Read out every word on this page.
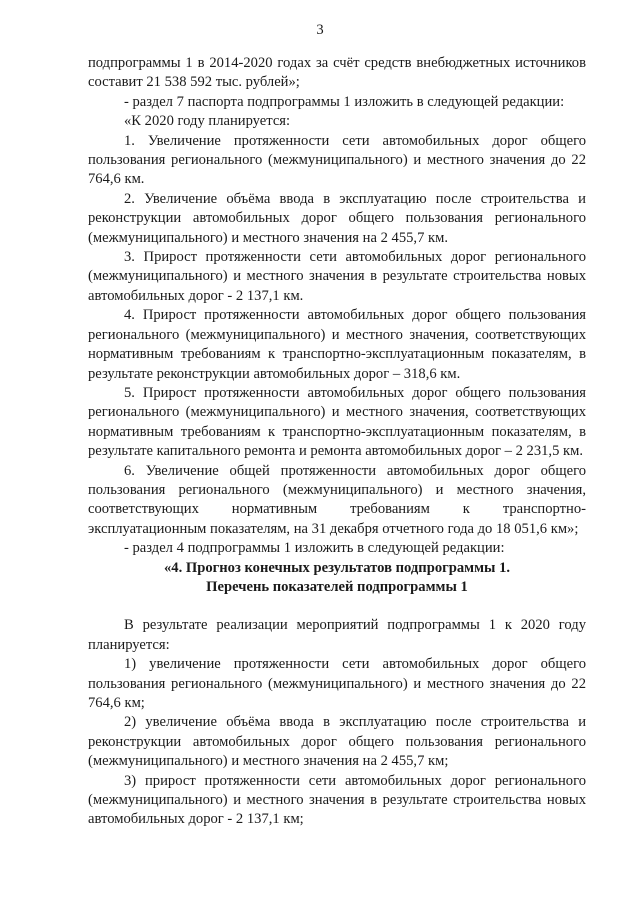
3

подпрограммы 1 в 2014-2020 годах за счёт средств внебюджетных источников составит 21 538 592 тыс. рублей»;

- раздел 7 паспорта подпрограммы 1 изложить в следующей редакции:

«К 2020 году планируется:

1. Увеличение протяженности сети автомобильных дорог общего пользования регионального (межмуниципального) и местного значения до 22 764,6 км.

2. Увеличение объёма ввода в эксплуатацию после строительства и реконструкции автомобильных дорог общего пользования регионального (межмуниципального) и местного значения на 2 455,7 км.

3. Прирост протяженности сети автомобильных дорог регионального (межмуниципального) и местного значения в результате строительства новых автомобильных дорог - 2 137,1 км.

4. Прирост протяженности автомобильных дорог общего пользования регионального (межмуниципального) и местного значения, соответствующих нормативным требованиям к транспортно-эксплуатационным показателям, в результате реконструкции автомобильных дорог – 318,6 км.

5. Прирост протяженности автомобильных дорог общего пользования регионального (межмуниципального) и местного значения, соответствующих нормативным требованиям к транспортно-эксплуатационным показателям, в результате капитального ремонта и ремонта автомобильных дорог – 2 231,5 км.

6. Увеличение общей протяженности автомобильных дорог общего пользования регионального (межмуниципального) и местного значения, соответствующих нормативным требованиям к транспортно-эксплуатационным показателям, на 31 декабря отчетного года до 18 051,6 км»;

- раздел 4 подпрограммы 1 изложить в следующей редакции:

«4. Прогноз конечных результатов подпрограммы 1.

Перечень показателей подпрограммы 1

В результате реализации мероприятий подпрограммы 1 к 2020 году планируется:

1) увеличение протяженности сети автомобильных дорог общего пользования регионального (межмуниципального) и местного значения до 22 764,6 км;

2) увеличение объёма ввода в эксплуатацию после строительства и реконструкции автомобильных дорог общего пользования регионального (межмуниципального) и местного значения на 2 455,7 км;

3) прирост протяженности сети автомобильных дорог регионального (межмуниципального) и местного значения в результате строительства новых автомобильных дорог - 2 137,1 км;
